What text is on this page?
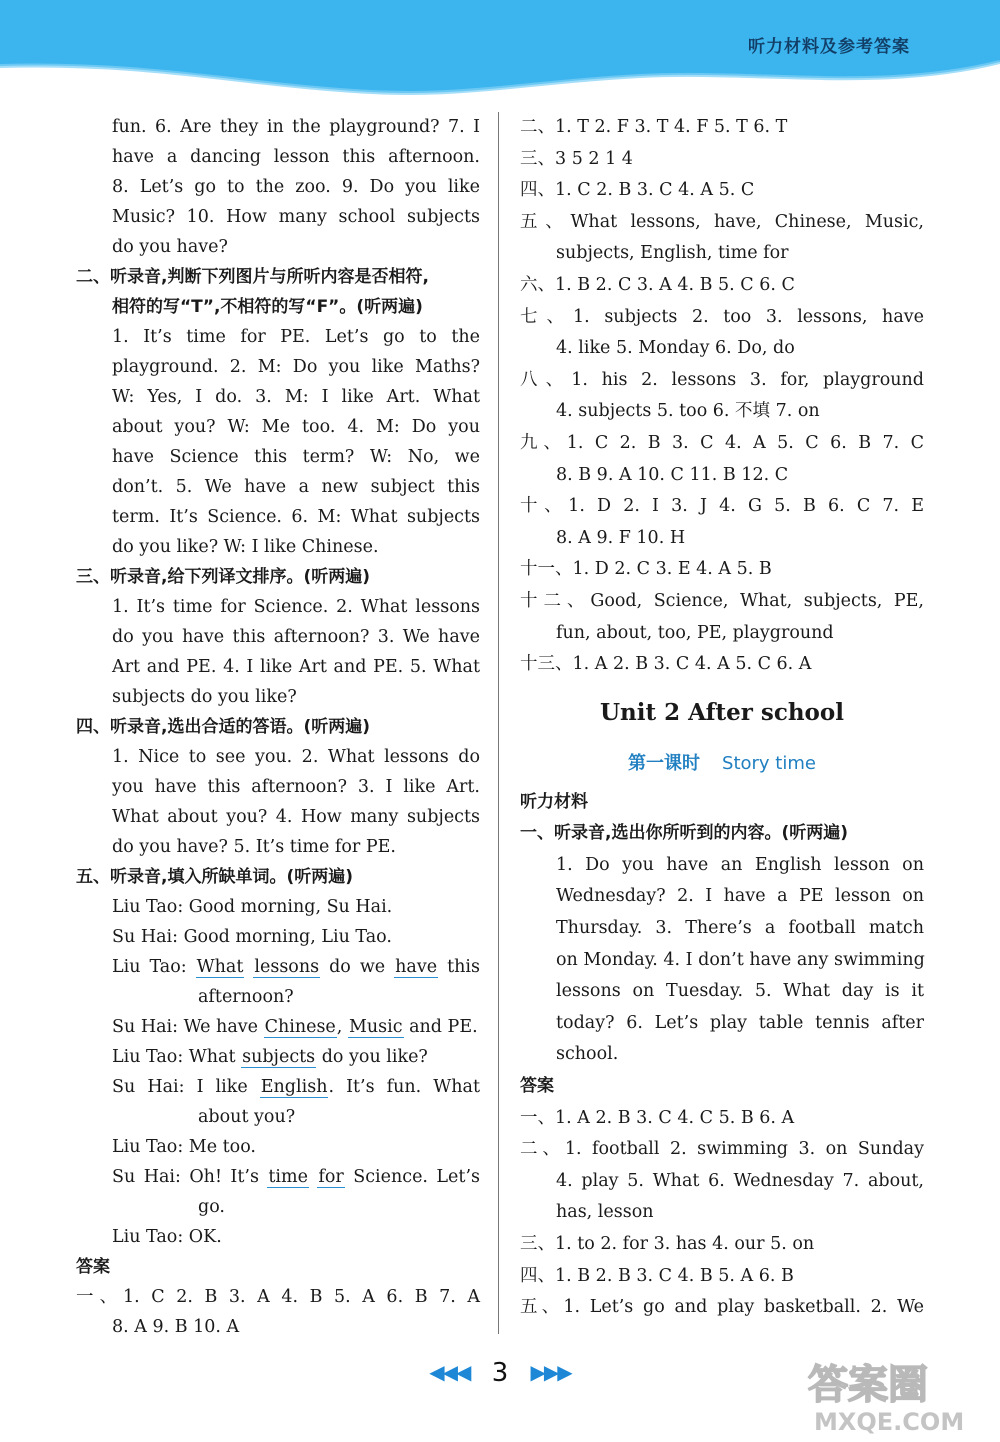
听力材料及参考答案
fun. 6. Are they in the playground? 7. I
have a dancing lesson this afternoon.
8. Let’s go to the zoo. 9. Do you like
Music? 10. How many school subjects
do you have?
二、听录音,判断下列图片与所听内容是否相符,
相符的写“T”,不相符的写“F”。(听两遍)
1. It’s time for PE. Let’s go to the
playground. 2. M: Do you like Maths?
W: Yes, I do. 3. M: I like Art. What
about you? W: Me too. 4. M: Do you
have Science this term? W: No, we
don’t. 5. We have a new subject this
term. It’s Science. 6. M: What subjects
do you like? W: I like Chinese.
三、听录音,给下列译文排序。(听两遍)
1. It’s time for Science. 2. What lessons
do you have this afternoon? 3. We have
Art and PE. 4. I like Art and PE. 5. What
subjects do you like?
四、听录音,选出合适的答语。(听两遍)
1. Nice to see you. 2. What lessons do
you have this afternoon? 3. I like Art.
What about you? 4. How many subjects
do you have? 5. It’s time for PE.
五、听录音,填入所缺单词。(听两遍)
Liu Tao: Good morning, Su Hai.
Su Hai: Good morning, Liu Tao.
Liu Tao: What lessons do we have this
afternoon?
Su Hai: We have Chinese, Music and PE.
Liu Tao: What subjects do you like?
Su Hai: I like English. It’s fun. What
about you?
Liu Tao: Me too.
Su Hai: Oh! It’s time for Science. Let’s
go.
Liu Tao: OK.
答案
一、1. C 2. B 3. A 4. B 5. A 6. B 7. A
8. A 9. B 10. A
二、1. T 2. F 3. T 4. F 5. T 6. T
三、3 5 2 1 4
四、1. C 2. B 3. C 4. A 5. C
五、What lessons, have, Chinese, Music,
subjects, English, time for
六、1. B 2. C 3. A 4. B 5. C 6. C
七、1. subjects 2. too 3. lessons, have
4. like 5. Monday 6. Do, do
八、1. his 2. lessons 3. for, playground
4. subjects 5. too 6. 不填 7. on
九、1. C 2. B 3. C 4. A 5. C 6. B 7. C
8. B 9. A 10. C 11. B 12. C
十、1. D 2. I 3. J 4. G 5. B 6. C 7. E
8. A 9. F 10. H
十一、1. D 2. C 3. E 4. A 5. B
十二、Good, Science, What, subjects, PE,
fun, about, too, PE, playground
十三、1. A 2. B 3. C 4. A 5. C 6. A
Unit 2 After school
第一课时 Story time
听力材料
一、听录音,选出你所听到的内容。(听两遍)
1. Do you have an English lesson on
Wednesday? 2. I have a PE lesson on
Thursday. 3. There’s a football match
on Monday. 4. I don’t have any swimming
lessons on Tuesday. 5. What day is it
today? 6. Let’s play table tennis after
school.
答案
一、1. A 2. B 3. C 4. C 5. B 6. A
二、1. football 2. swimming 3. on Sunday
4. play 5. What 6. Wednesday 7. about,
has, lesson
三、1. to 2. for 3. has 4. our 5. on
四、1. B 2. B 3. C 4. B 5. A 6. B
五、1. Let’s go and play basketball. 2. We
◀◀◀ 3 ▶▶▶	答案圈
MXQE.COM
